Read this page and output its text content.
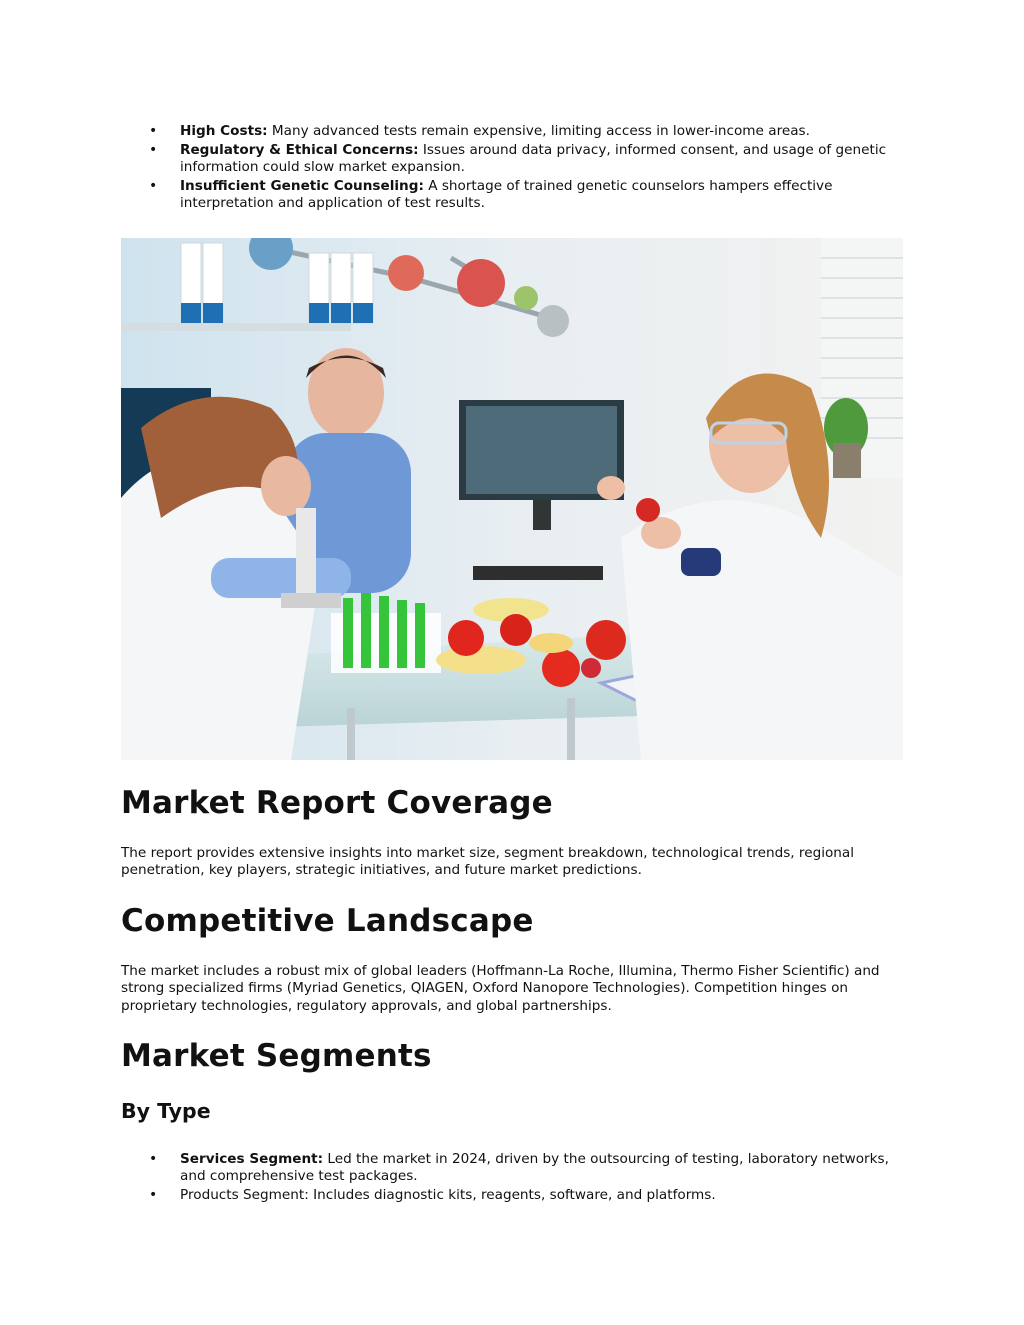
• High Costs: Many advanced tests remain expensive, limiting access in lower-income areas.
• Regulatory & Ethical Concerns: Issues around data privacy, informed consent, and usage of genetic information could slow market expansion.
• Insufficient Genetic Counseling: A shortage of trained genetic counselors hampers effective interpretation and application of test results.
Market Report Coverage

The report provides extensive insights into market size, segment breakdown, technological trends, regional penetration, key players, strategic initiatives, and future market predictions.

Competitive Landscape

The market includes a robust mix of global leaders (Hoffmann-La Roche, Illumina, Thermo Fisher Scientific) and strong specialized firms (Myriad Genetics, QIAGEN, Oxford Nanopore Technologies). Competition hinges on proprietary technologies, regulatory approvals, and global partnerships.

Market Segments
By Type
• Services Segment: Led the market in 2024, driven by the outsourcing of testing, laboratory networks, and comprehensive test packages.
• Products Segment: Includes diagnostic kits, reagents, software, and platforms.
